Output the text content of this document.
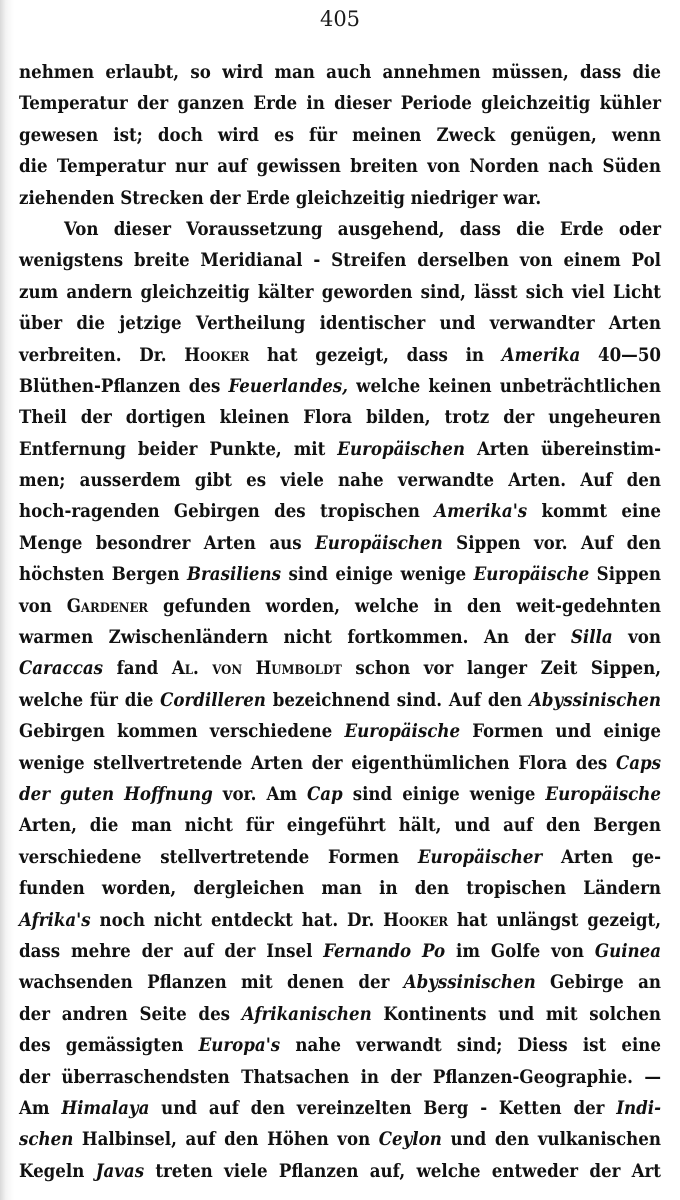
405
nehmen erlaubt, so wird man auch annehmen müssen, dass die
Temperatur der ganzen Erde in dieser Periode gleichzeitig kühler
gewesen ist; doch wird es für meinen Zweck genügen, wenn
die Temperatur nur auf gewissen breiten von Norden nach Süden
ziehenden Strecken der Erde gleichzeitig niedriger war.
Von dieser Voraussetzung ausgehend, dass die Erde oder
wenigstens breite Meridianal - Streifen derselben von einem Pol
zum andern gleichzeitig kälter geworden sind, lässt sich viel Licht
über die jetzige Vertheilung identischer und verwandter Arten
verbreiten. Dr. Hooker hat gezeigt, dass in Amerika 40—50
Blüthen-Pflanzen des Feuerlandes, welche keinen unbeträchtlichen
Theil der dortigen kleinen Flora bilden, trotz der ungeheuren
Entfernung beider Punkte, mit Europäischen Arten übereinstim-
men; ausserdem gibt es viele nahe verwandte Arten. Auf den
hoch-ragenden Gebirgen des tropischen Amerika's kommt eine
Menge besondrer Arten aus Europäischen Sippen vor. Auf den
höchsten Bergen Brasiliens sind einige wenige Europäische Sippen
von Gardener gefunden worden, welche in den weit-gedehnten
warmen Zwischenländern nicht fortkommen. An der Silla von
Caraccas fand Al. von Humboldt schon vor langer Zeit Sippen,
welche für die Cordilleren bezeichnend sind. Auf den Abyssinischen
Gebirgen kommen verschiedene Europäische Formen und einige
wenige stellvertretende Arten der eigenthümlichen Flora des Caps
der guten Hoffnung vor. Am Cap sind einige wenige Europäische
Arten, die man nicht für eingeführt hält, und auf den Bergen
verschiedene stellvertretende Formen Europäischer Arten ge-
funden worden, dergleichen man in den tropischen Ländern
Afrika's noch nicht entdeckt hat. Dr. Hooker hat unlängst gezeigt,
dass mehre der auf der Insel Fernando Po im Golfe von Guinea
wachsenden Pflanzen mit denen der Abyssinischen Gebirge an
der andren Seite des Afrikanischen Kontinents und mit solchen
des gemässigten Europa's nahe verwandt sind; Diess ist eine
der überraschendsten Thatsachen in der Pflanzen-Geographie. —
Am Himalaya und auf den vereinzelten Berg - Ketten der Indi-
schen Halbinsel, auf den Höhen von Ceylon und den vulkanischen
Kegeln Javas treten viele Pflanzen auf, welche entweder der Art
